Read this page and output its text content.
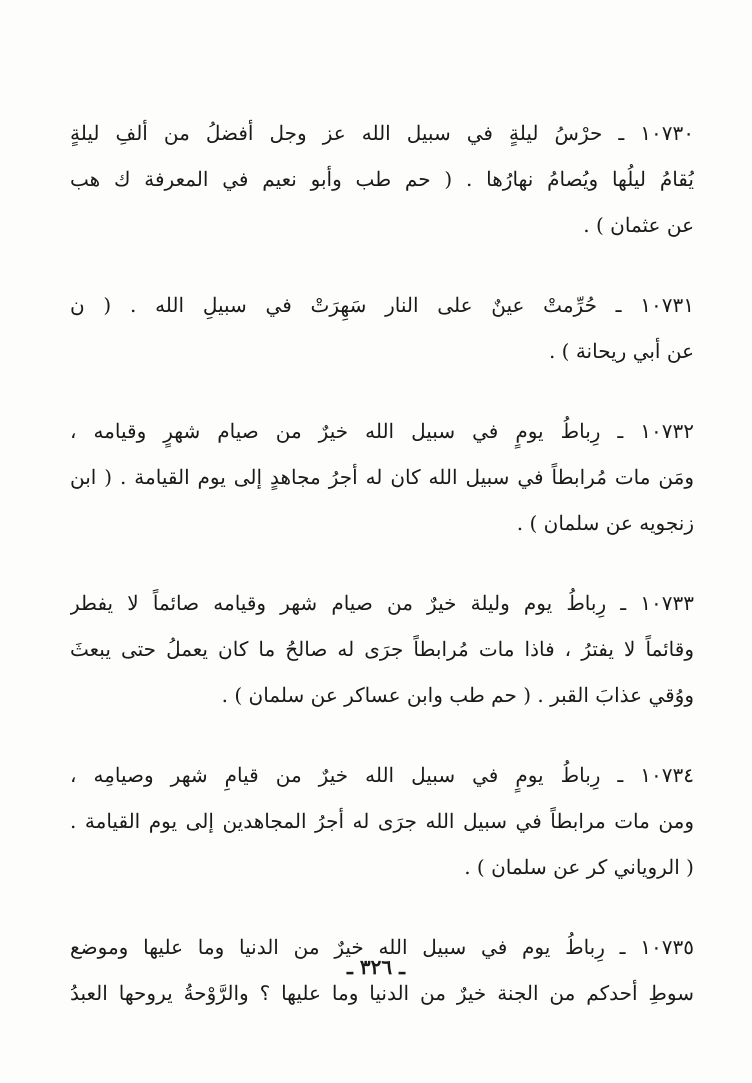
١٠٧٣٠ ـ حرْسُ ليلةٍ في سبيل الله عز وجل أفضلُ من ألفِ ليلةٍ
يُقامُ ليلُها ويُصامُ نهارُها . ( حم طب وأبو نعيم في المعرفة ك هب
عن عثمان ) .
١٠٧٣١ ـ حُرِّمتْ عينٌ على النار سَهِرَتْ في سبيلِ الله . ( ن
عن أبي ريحانة ) .
١٠٧٣٢ ـ رِباطُ يومٍ في سبيل الله خيرٌ من صيام شهرٍ وقيامه ،
ومَن مات مُرابطاً في سبيل الله كان له أجرُ مجاهدٍ إلى يوم القيامة . ( ابن
زنجويه عن سلمان ) .
١٠٧٣٣ ـ رِباطُ يوم وليلة خيرٌ من صيام شهر وقيامه صائماً لا يفطر
وقائماً لا يفترُ ، فاذا مات مُرابطاً جرَى له صالحُ ما كان يعملُ حتى يبعثَ
ووُقي عذابَ القبر . ( حم طب وابن عساكر عن سلمان ) .
١٠٧٣٤ ـ رِباطُ يومٍ في سبيل الله خيرٌ من قيامِ شهر وصيامِه ،
ومن مات مرابطاً في سبيل الله جرَى له أجرُ المجاهدين إلى يوم القيامة .
( الروياني كر عن سلمان ) .
١٠٧٣٥ ـ رِباطُ يوم في سبيل الله خيرٌ من الدنيا وما عليها وموضع
سوطِ أحدكم من الجنة خيرٌ من الدنيا وما عليها ؟ والرَّوْحةُ يروحها العبدُ
ـ ٣٢٦ ـ
